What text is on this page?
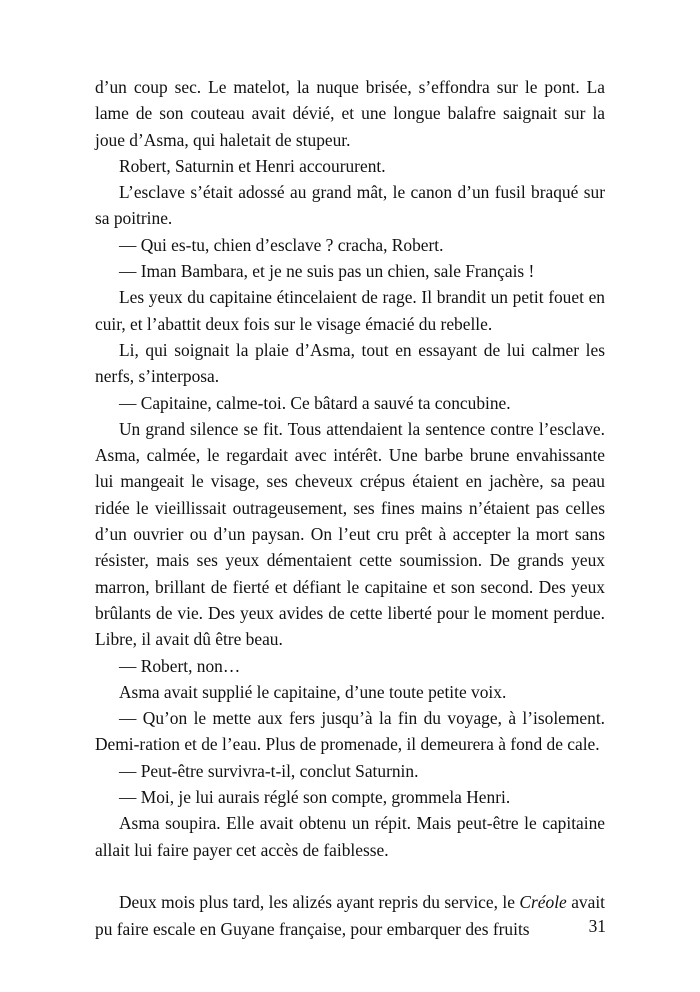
d’un coup sec. Le matelot, la nuque brisée, s’effondra sur le pont. La lame de son couteau avait dévié, et une longue balafre saignait sur la joue d’Asma, qui haletait de stupeur.

Robert, Saturnin et Henri accoururent.

L’esclave s’était adossé au grand mât, le canon d’un fusil braqué sur sa poitrine.

— Qui es-tu, chien d’esclave ? cracha, Robert.

— Iman Bambara, et je ne suis pas un chien, sale Français !

Les yeux du capitaine étincelaient de rage. Il brandit un petit fouet en cuir, et l’abattit deux fois sur le visage émacié du rebelle.

Li, qui soignait la plaie d’Asma, tout en essayant de lui calmer les nerfs, s’interposa.

— Capitaine, calme-toi. Ce bâtard a sauvé ta concubine.

Un grand silence se fit. Tous attendaient la sentence contre l’esclave. Asma, calmée, le regardait avec intérêt. Une barbe brune envahissante lui mangeait le visage, ses cheveux crépus étaient en jachère, sa peau ridée le vieillissait outrageusement, ses fines mains n’étaient pas celles d’un ouvrier ou d’un paysan. On l’eut cru prêt à accepter la mort sans résister, mais ses yeux démentaient cette soumission. De grands yeux marron, brillant de fierté et défiant le capitaine et son second. Des yeux brûlants de vie. Des yeux avides de cette liberté pour le moment perdue. Libre, il avait dû être beau.

— Robert, non…

Asma avait supplié le capitaine, d’une toute petite voix.

— Qu’on le mette aux fers jusqu’à la fin du voyage, à l’isolement. Demi-ration et de l’eau. Plus de promenade, il demeurera à fond de cale.

— Peut-être survivra-t-il, conclut Saturnin.

— Moi, je lui aurais réglé son compte, grommela Henri.

Asma soupira. Elle avait obtenu un répit. Mais peut-être le capitaine allait lui faire payer cet accès de faiblesse.

Deux mois plus tard, les alizés ayant repris du service, le Créole avait pu faire escale en Guyane française, pour embarquer des fruits	31
